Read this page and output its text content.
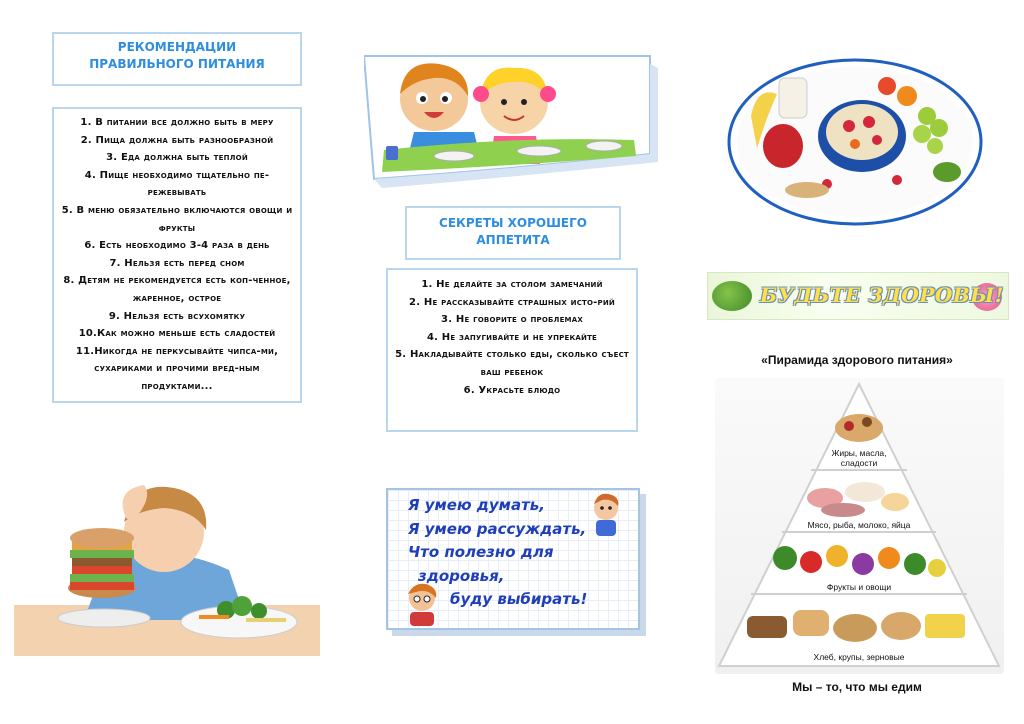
РЕКОМЕНДАЦИИ ПРАВИЛЬНОГО ПИТАНИЯ
1. В питании все должно быть в меру
2. Пища должна быть разнообразной
3. Еда должна быть теплой
4. Пище необходимо тщательно пе-режевывать
5. В меню обязательно включаются овощи и фрукты
6. Есть необходимо 3-4 раза в день
7. Нельзя есть перед сном
8. Детям не рекомендуется есть коп-ченное, жаренное, острое
9. Нельзя есть всухомятку
10.Как можно меньше есть сладостей
11.Никогда не перкусывайте чипса-ми, сухариками и прочими вред-ным продуктами...
СЕКРЕТЫ ХОРОШЕГО АППЕТИТА
1. Не делайте за столом замечаний
2. Не рассказывайте страшных исто-рий
3. Не говорите о проблемах
4. Не запугивайте и не упрекайте
5. Накладывайте столько еды, сколько съест ваш ребенок
6. Украсьте блюдо
Я умею думать,
Я умею рассуждать,
Что полезно для
здоровья,
буду выбирать!
БУДЬТЕ ЗДОРОВЫ!
«Пирамида здорового питания»
Жиры, масла,
сладости
Мясо, рыба, молоко, яйца
Фрукты и овощи
Хлеб, крупы, зерновые
Мы – то, что мы едим
